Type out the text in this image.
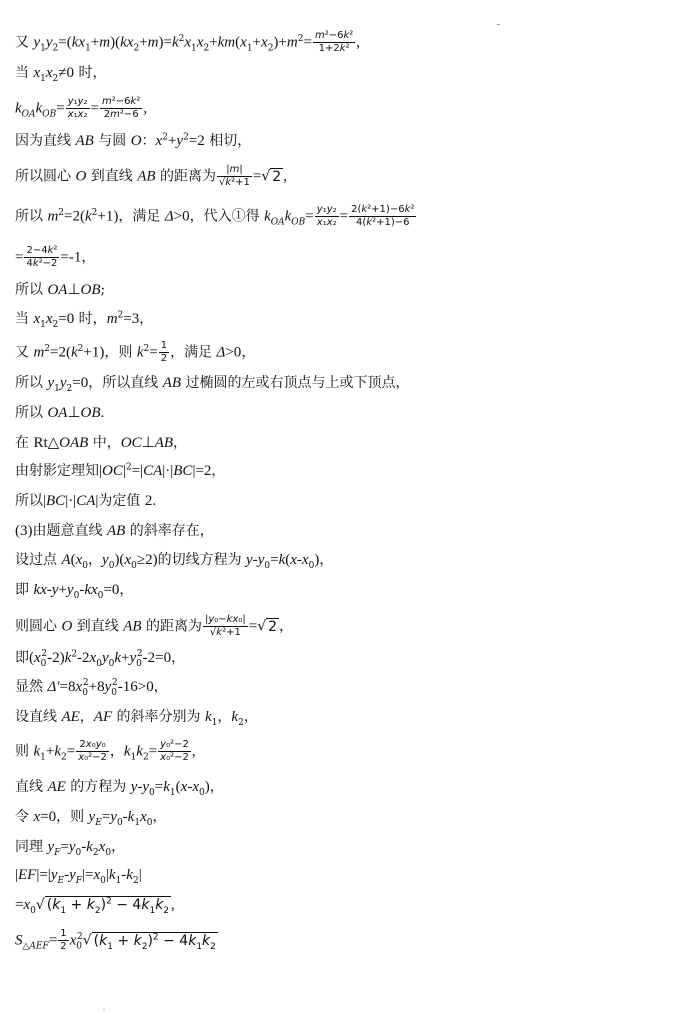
又 $y_1y_2=(kx_1+m)(kx_2+m)=k^2x_1x_2+km(x_1+x_2)+m^2= \frac{\text{m²−6k²}}{\text{1+2k²}}$ ,
当 $x_1x_2\ne 0$ 时，
$k_{OA}k_{OB}= \frac{\text{y₁y₂}}{\text{x₁x₂}} = \frac{\text{m²−6k²}}{\text{2m²−6}}$ ,
因为直线 AB 与圆 O：$x^2+y^2=2$ 相切，
所以圆心 O 到直线 AB 的距离为 $\frac{|m|}{\text{√k²+1}}$ =√ 2 ,
所以 $m^2=2(k^2+1)$，满足 Δ>0，代入①得 $k_{OA}k_{OB}= \frac{\text{y₁y₂}}{\text{x₁x₂}} = \frac{\text{2(k²+1)−6k²}}{\text{4(k²+1)−6}}$
= $\frac{\text{2−4k²}}{\text{4k²−2}} =-1$，
所以 OA⊥OB;
当 $x_1x_2=0$ 时，$m^2=3$，
又 $m^2=2(k^2+1)$，则 $k^2= \frac{1}{2}$ ，满足 Δ>0，
所以 $y_1y_2=0$，所以直线 AB 过椭圆的左或右顶点与上或下顶点，
所以 OA⊥OB.
在 Rt△OAB 中，OC⊥AB，
由射影定理知$|OC|^2=|CA|\cdot|BC|=2$，
所以|BC|·|CA|为定值 2.
(3)由题意直线 AB 的斜率存在，
设过点 $A(x_0$，$y_0)(x_0\ge 2)$的切线方程为 $y-y_0=k(x-x_0)$，
即 $kx-y+y_0-kx_0=0$，
则圆心 O 到直线 AB 的距离为 $\frac{\text{|y₀−kx₀|}}{\text{√k²+1}}$ =√ 2 ，
即$(x_0^2-2)k^2-2x_0y_0k+y_0^2-2=0$，
显然 $\Delta'=8x_0^2+8y_0^2-16>0$，
设直线 AE，AF 的斜率分别为 $k_1$，$k_2$，
则 $k_1+k_2= \frac{\text{2x₀y₀}}{\text{x₀²−2}}$ ，$k_1k_2= \frac{\text{y₀²−2}}{\text{x₀²−2}}$ ,
直线 AE 的方程为 $y-y_0=k_1(x-x_0)$，
令 x=0，则 $y_E=y_0-k_1x_0$，
同理 $y_F=y_0-k_2x_0$，
$|EF|=|y_E-y_F|=x_0|k_1-k_2|$
$=x_0√$ $(k_1 + k_2)^2 - 4k_1k_2$ ,
$S_{\triangle AEF}= \frac{1}{2} x_0^2√$ $(k_1 + k_2)^2 - 4k_1k_2$
